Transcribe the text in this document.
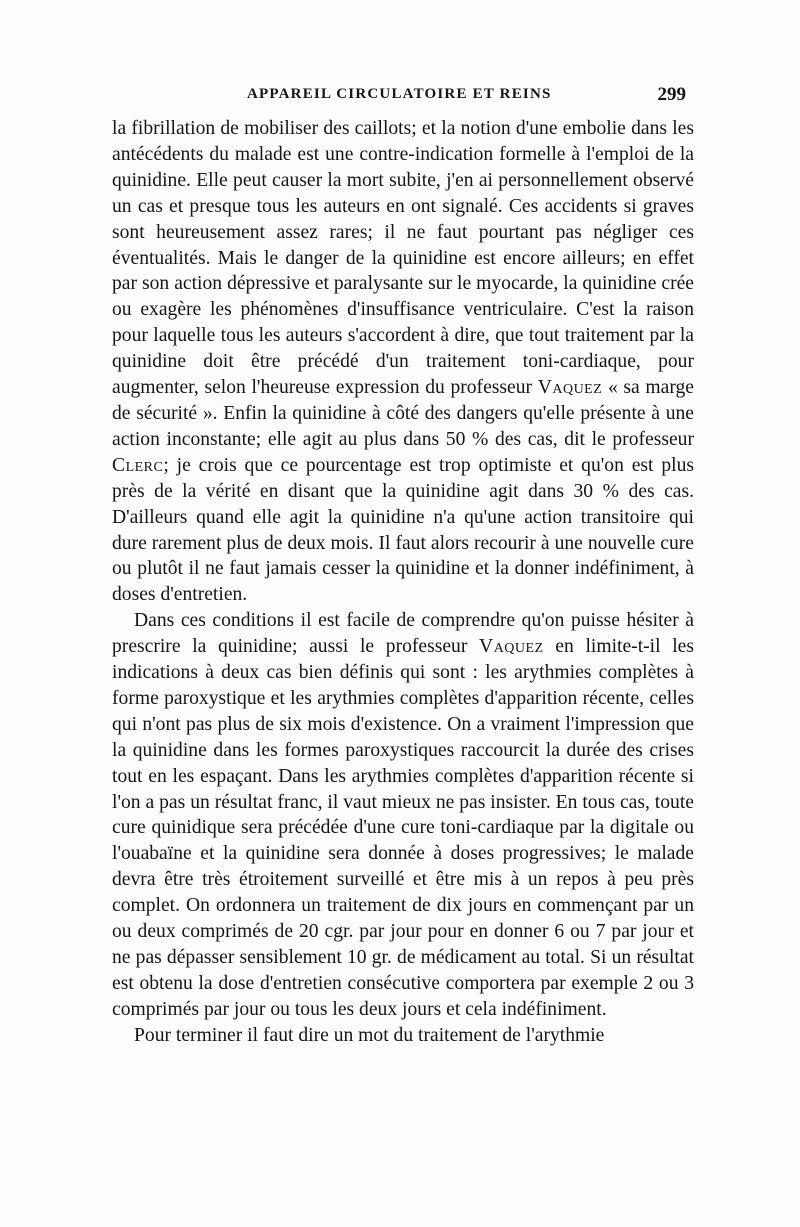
APPAREIL CIRCULATOIRE ET REINS	299

la fibrillation de mobiliser des caillots; et la notion d'une embolie dans les antécédents du malade est une contre-indication formelle à l'emploi de la quinidine. Elle peut causer la mort subite, j'en ai personnellement observé un cas et presque tous les auteurs en ont signalé. Ces accidents si graves sont heureusement assez rares; il ne faut pourtant pas négliger ces éventualités. Mais le danger de la quinidine est encore ailleurs; en effet par son action dépressive et paralysante sur le myocarde, la quinidine crée ou exagère les phénomènes d'insuffisance ventriculaire. C'est la raison pour laquelle tous les auteurs s'accordent à dire, que tout traitement par la quinidine doit être précédé d'un traitement toni-cardiaque, pour augmenter, selon l'heureuse expression du professeur Vaquez « sa marge de sécurité ». Enfin la quinidine à côté des dangers qu'elle présente à une action inconstante; elle agit au plus dans 50 % des cas, dit le professeur Clerc; je crois que ce pourcentage est trop optimiste et qu'on est plus près de la vérité en disant que la quinidine agit dans 30 % des cas. D'ailleurs quand elle agit la quinidine n'a qu'une action transitoire qui dure rarement plus de deux mois. Il faut alors recourir à une nouvelle cure ou plutôt il ne faut jamais cesser la quinidine et la donner indéfiniment, à doses d'entretien.

Dans ces conditions il est facile de comprendre qu'on puisse hésiter à prescrire la quinidine; aussi le professeur Vaquez en limite-t-il les indications à deux cas bien définis qui sont : les arythmies complètes à forme paroxystique et les arythmies complètes d'apparition récente, celles qui n'ont pas plus de six mois d'existence. On a vraiment l'impression que la quinidine dans les formes paroxystiques raccourcit la durée des crises tout en les espaçant. Dans les arythmies complètes d'apparition récente si l'on a pas un résultat franc, il vaut mieux ne pas insister. En tous cas, toute cure quinidique sera précédée d'une cure toni-cardiaque par la digitale ou l'ouabaïne et la quinidine sera donnée à doses progressives; le malade devra être très étroitement surveillé et être mis à un repos à peu près complet. On ordonnera un traitement de dix jours en commençant par un ou deux comprimés de 20 cgr. par jour pour en donner 6 ou 7 par jour et ne pas dépasser sensiblement 10 gr. de médicament au total. Si un résultat est obtenu la dose d'entretien consécutive comportera par exemple 2 ou 3 comprimés par jour ou tous les deux jours et cela indéfiniment.

Pour terminer il faut dire un mot du traitement de l'arythmie
